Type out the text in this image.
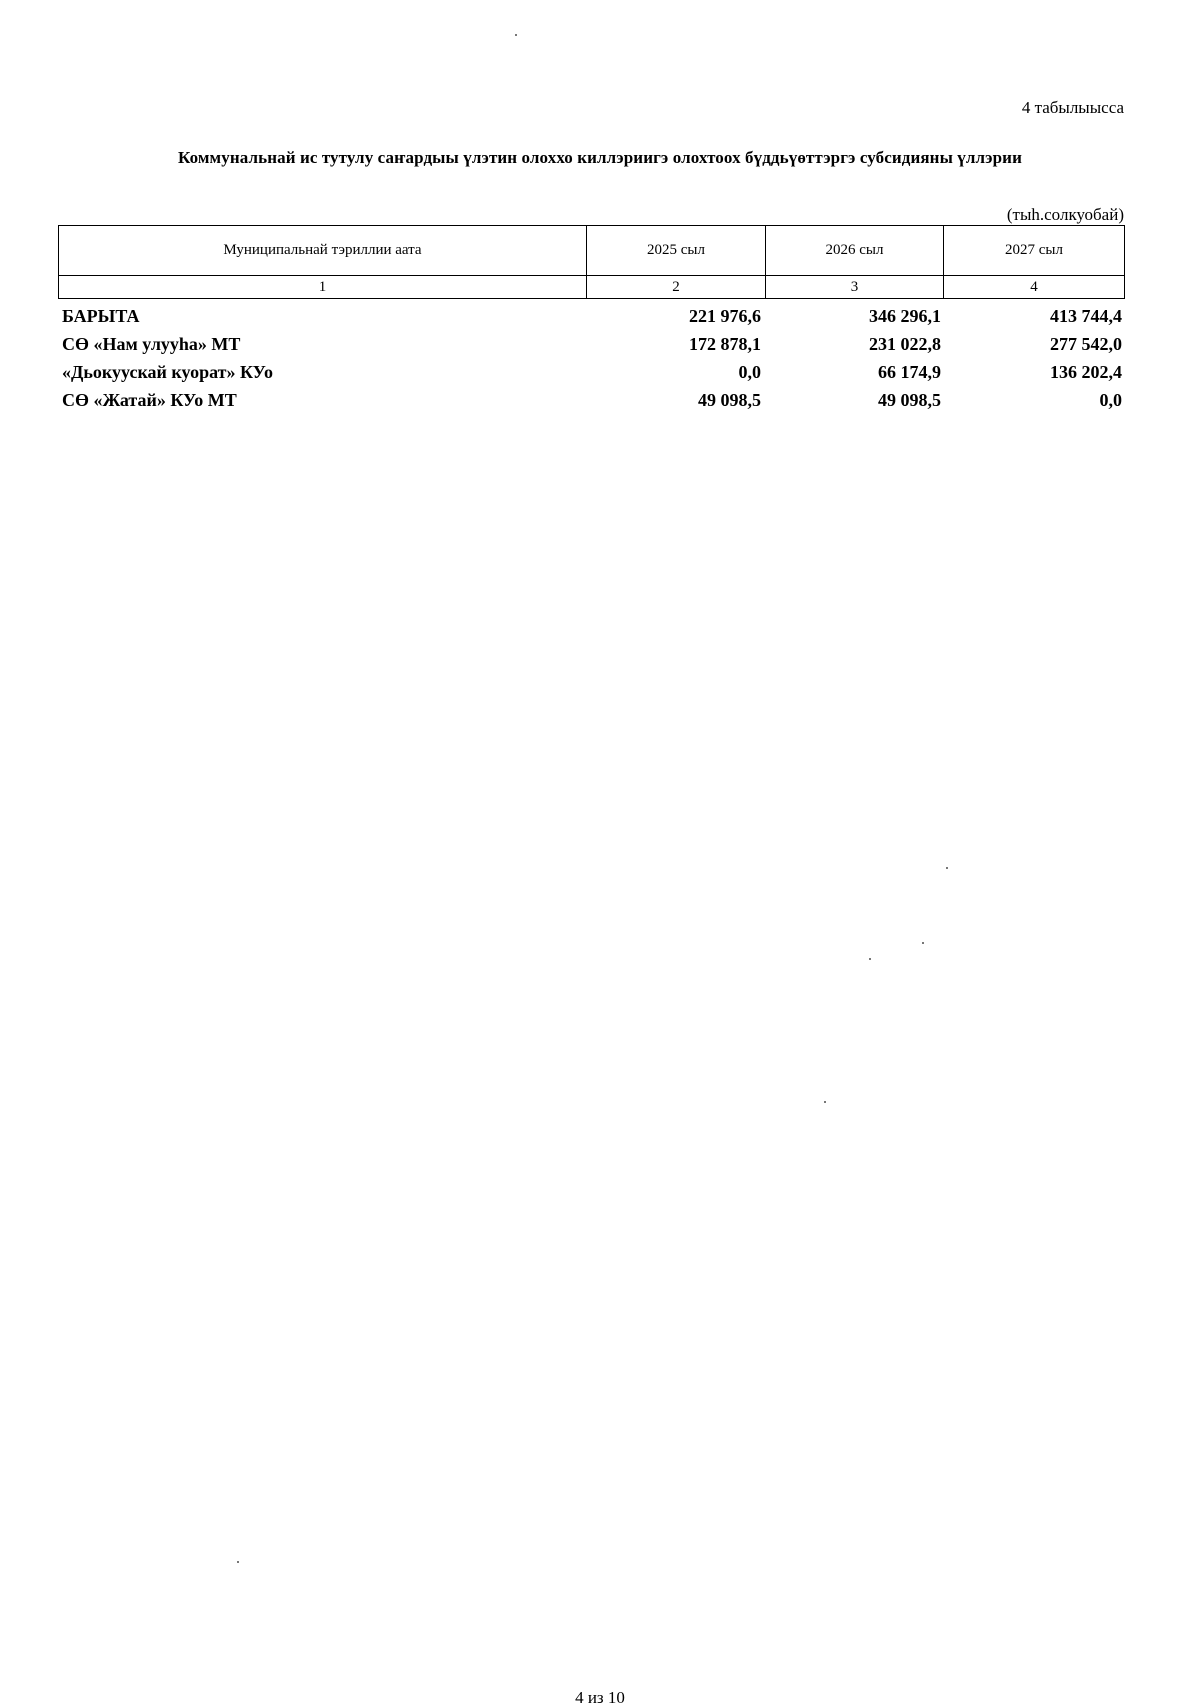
4 табылыысса
Коммунальнай ис тутулу саҥардыы үлэтин олоххо киллэриигэ олохтоох бүддьүөттэргэ субсидияны үллэрии
(тыһ.солкуобай)
Муниципальнай тэриллии аата	2025 сыл	2026 сыл	2027 сыл
1	2	3	4
БАРЫТА	221 976,6	346 296,1	413 744,4
СӨ «Нам улууһа» МТ	172 878,1	231 022,8	277 542,0
«Дьокуускай куорат» КУо	0,0	66 174,9	136 202,4
СӨ «Жатай» КУо МТ	49 098,5	49 098,5	0,0
4 из 10
